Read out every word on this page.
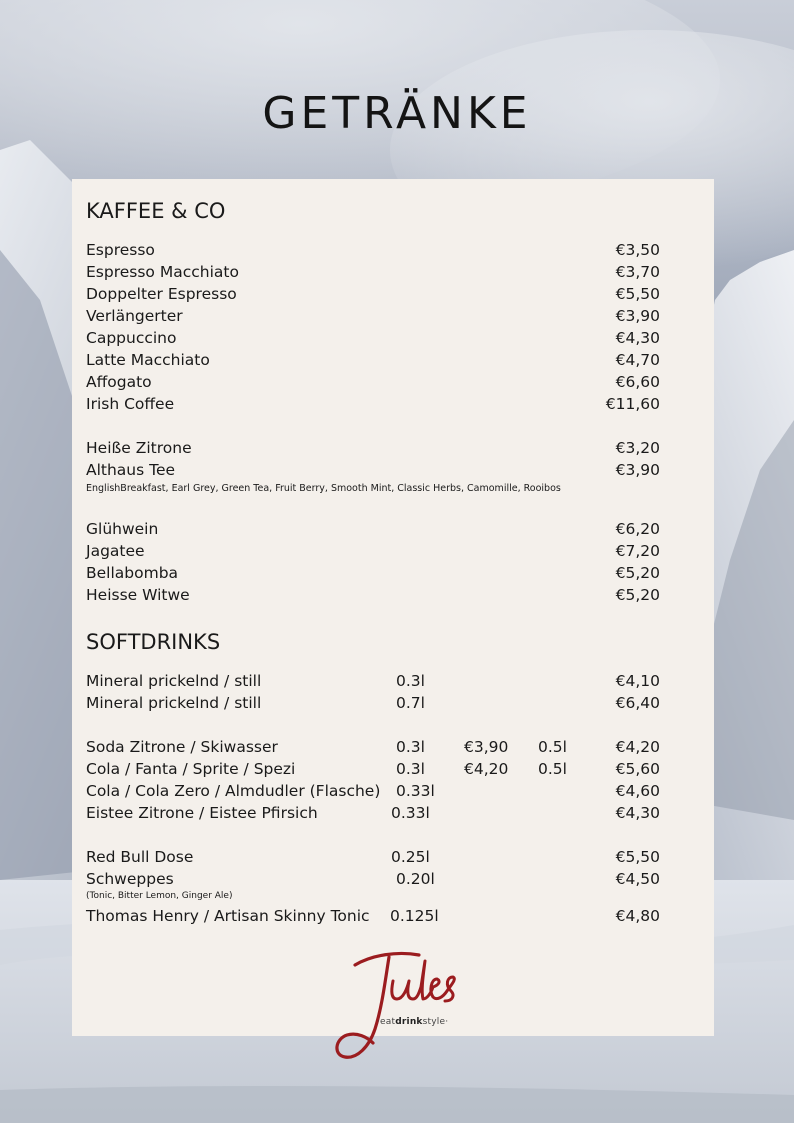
GETRÄNKE
KAFFEE & CO
Espresso	€3,50
Espresso Macchiato	€3,70
Doppelter Espresso	€5,50
Verlängerter	€3,90
Cappuccino	€4,30
Latte Macchiato	€4,70
Affogato	€6,60
Irish Coffee	€11,60
Heiße Zitrone	€3,20
Althaus Tee	€3,90
EnglishBreakfast, Earl Grey, Green Tea, Fruit Berry, Smooth Mint, Classic Herbs, Camomille, Rooibos
Glühwein	€6,20
Jagatee	€7,20
Bellabomba	€5,20
Heisse Witwe	€5,20
SOFTDRINKS
Mineral prickelnd / still	0.3l	€4,10
Mineral prickelnd / still	0.7l	€6,40
Soda Zitrone / Skiwasser	0.3l	€3,90 0.5l	€4,20
Cola / Fanta / Sprite / Spezi	0.3l	€4,20 0.5l	€5,60
Cola / Cola Zero / Almdudler (Flasche) 0.33l	€4,60
Eistee Zitrone / Eistee Pfirsich	0.33l	€4,30
Red Bull Dose	0.25l	€5,50
Schweppes	0.20l	€4,50
(Tonic, Bitter Lemon, Ginger Ale)
Thomas Henry / Artisan Skinny Tonic 0.125l	€4,80
·eatdrinkstyle·
